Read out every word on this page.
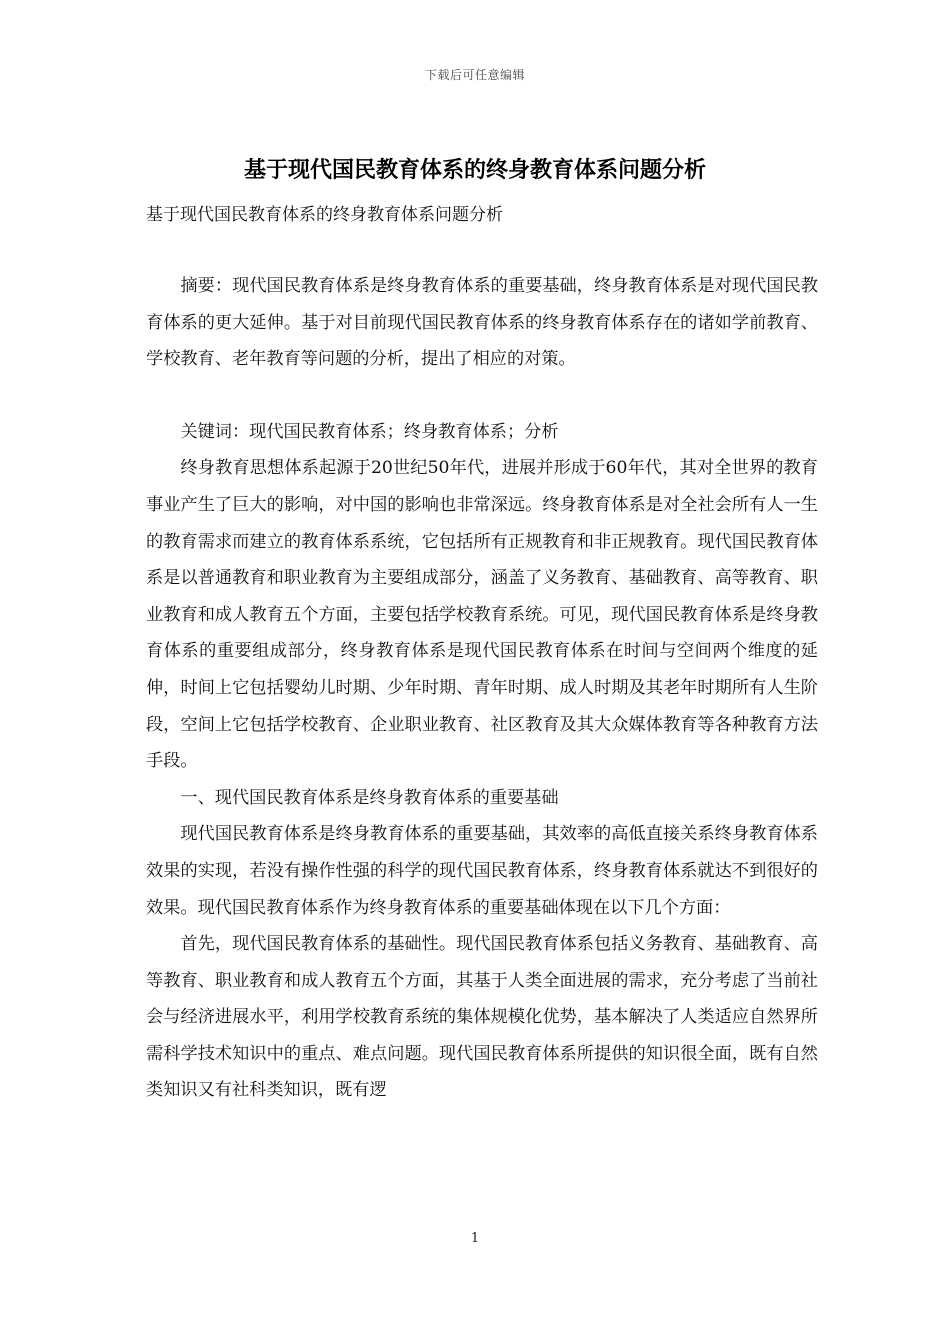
下载后可任意编辑
基于现代国民教育体系的终身教育体系问题分析
基于现代国民教育体系的终身教育体系问题分析

摘要：现代国民教育体系是终身教育体系的重要基础，终身教育体系是对现代国民教育体系的更大延伸。基于对目前现代国民教育体系的终身教育体系存在的诸如学前教育、学校教育、老年教育等问题的分析，提出了相应的对策。

关键词：现代国民教育体系；终身教育体系；分析

终身教育思想体系起源于20世纪50年代，进展并形成于60年代，其对全世界的教育事业产生了巨大的影响，对中国的影响也非常深远。终身教育体系是对全社会所有人一生的教育需求而建立的教育体系系统，它包括所有正规教育和非正规教育。现代国民教育体系是以普通教育和职业教育为主要组成部分，涵盖了义务教育、基础教育、高等教育、职业教育和成人教育五个方面，主要包括学校教育系统。可见，现代国民教育体系是终身教育体系的重要组成部分，终身教育体系是现代国民教育体系在时间与空间两个维度的延伸，时间上它包括婴幼儿时期、少年时期、青年时期、成人时期及其老年时期所有人生阶段，空间上它包括学校教育、企业职业教育、社区教育及其大众媒体教育等各种教育方法手段。

一、现代国民教育体系是终身教育体系的重要基础

现代国民教育体系是终身教育体系的重要基础，其效率的高低直接关系终身教育体系效果的实现，若没有操作性强的科学的现代国民教育体系，终身教育体系就达不到很好的效果。现代国民教育体系作为终身教育体系的重要基础体现在以下几个方面：

首先，现代国民教育体系的基础性。现代国民教育体系包括义务教育、基础教育、高等教育、职业教育和成人教育五个方面，其基于人类全面进展的需求，充分考虑了当前社会与经济进展水平，利用学校教育系统的集体规模化优势，基本解决了人类适应自然界所需科学技术知识中的重点、难点问题。现代国民教育体系所提供的知识很全面，既有自然类知识又有社科类知识，既有逻

1
